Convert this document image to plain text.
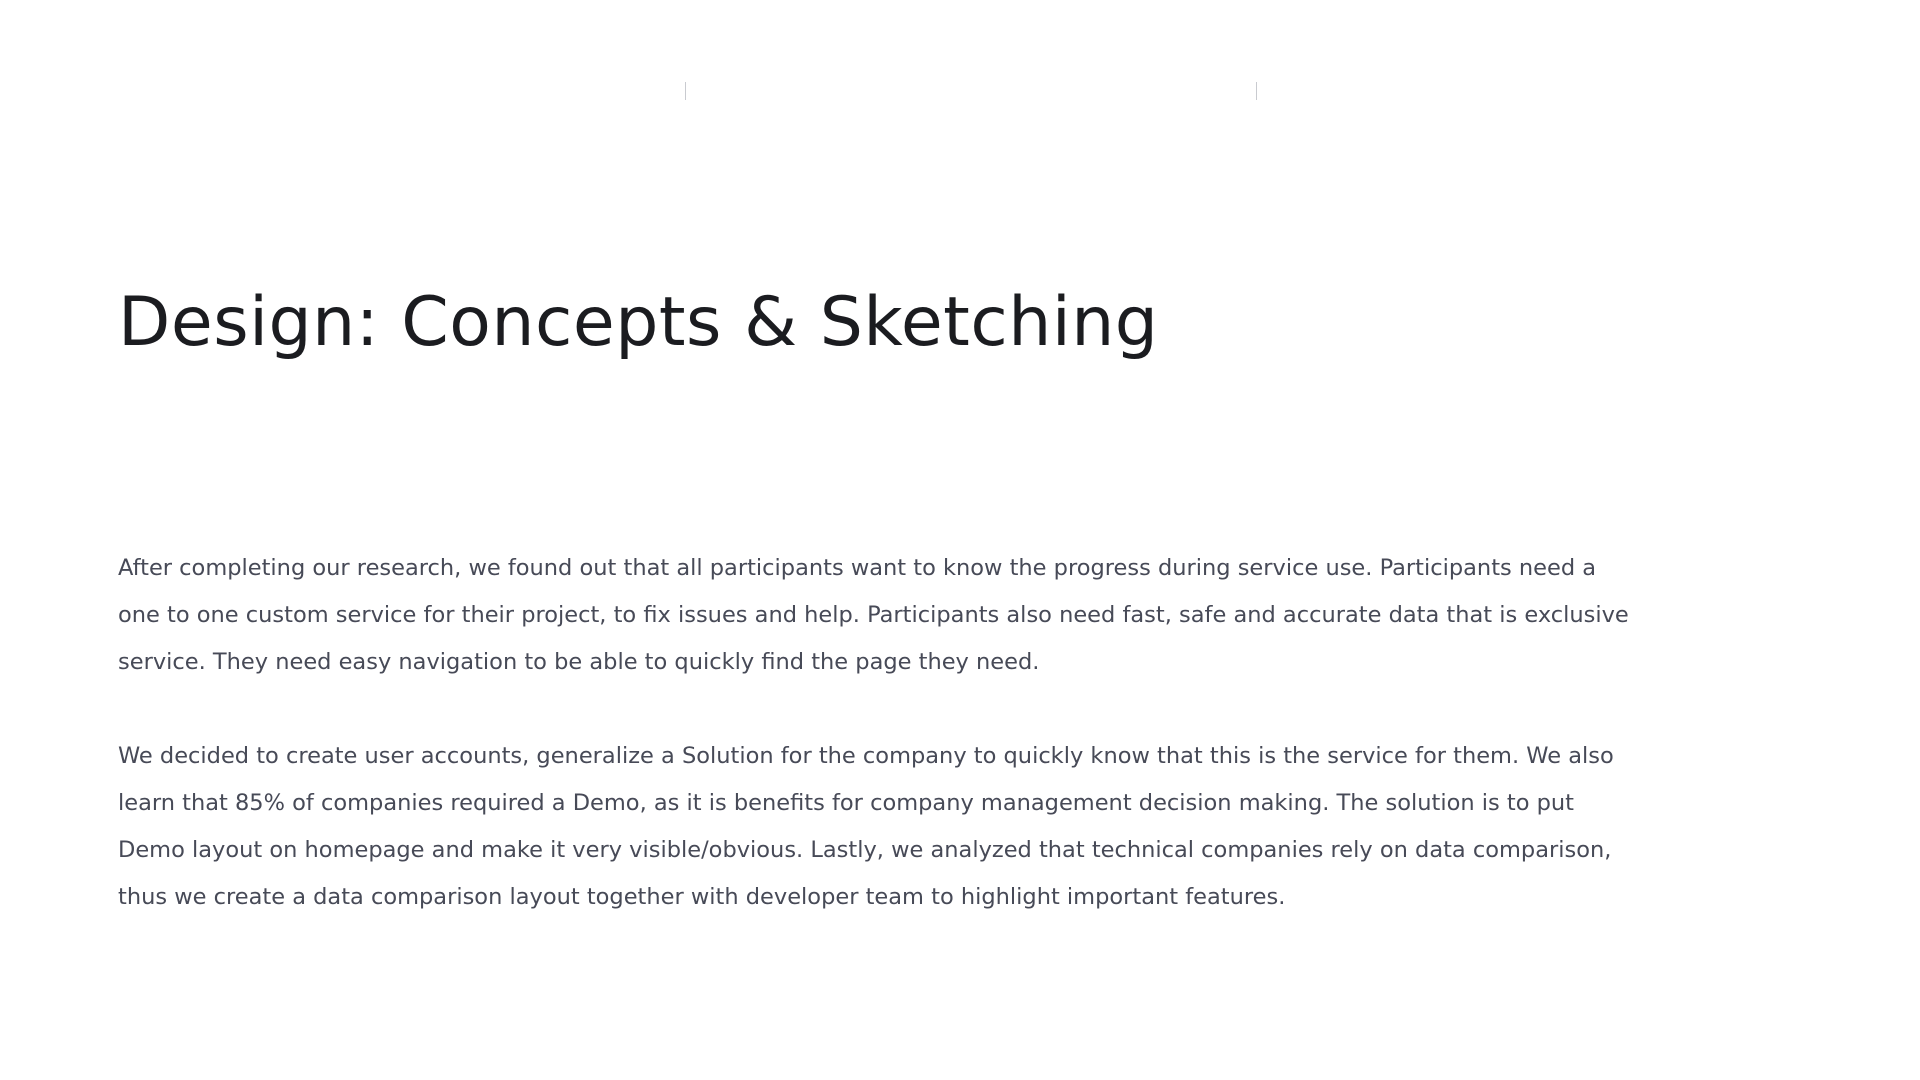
Design: Concepts & Sketching

After completing our research, we found out that all participants want to know the progress during service use. Participants need a one to one custom service for their project, to fix issues and help. Participants also need fast, safe and accurate data that is exclusive service. They need easy navigation to be able to quickly find the page they need.

We decided to create user accounts, generalize a Solution for the company to quickly know that this is the service for them. We also learn that 85% of companies required a Demo, as it is benefits for company management decision making. The solution is to put Demo layout on homepage and make it very visible/obvious. Lastly, we analyzed that technical companies rely on data comparison, thus we create a data comparison layout together with developer team to highlight important features.
